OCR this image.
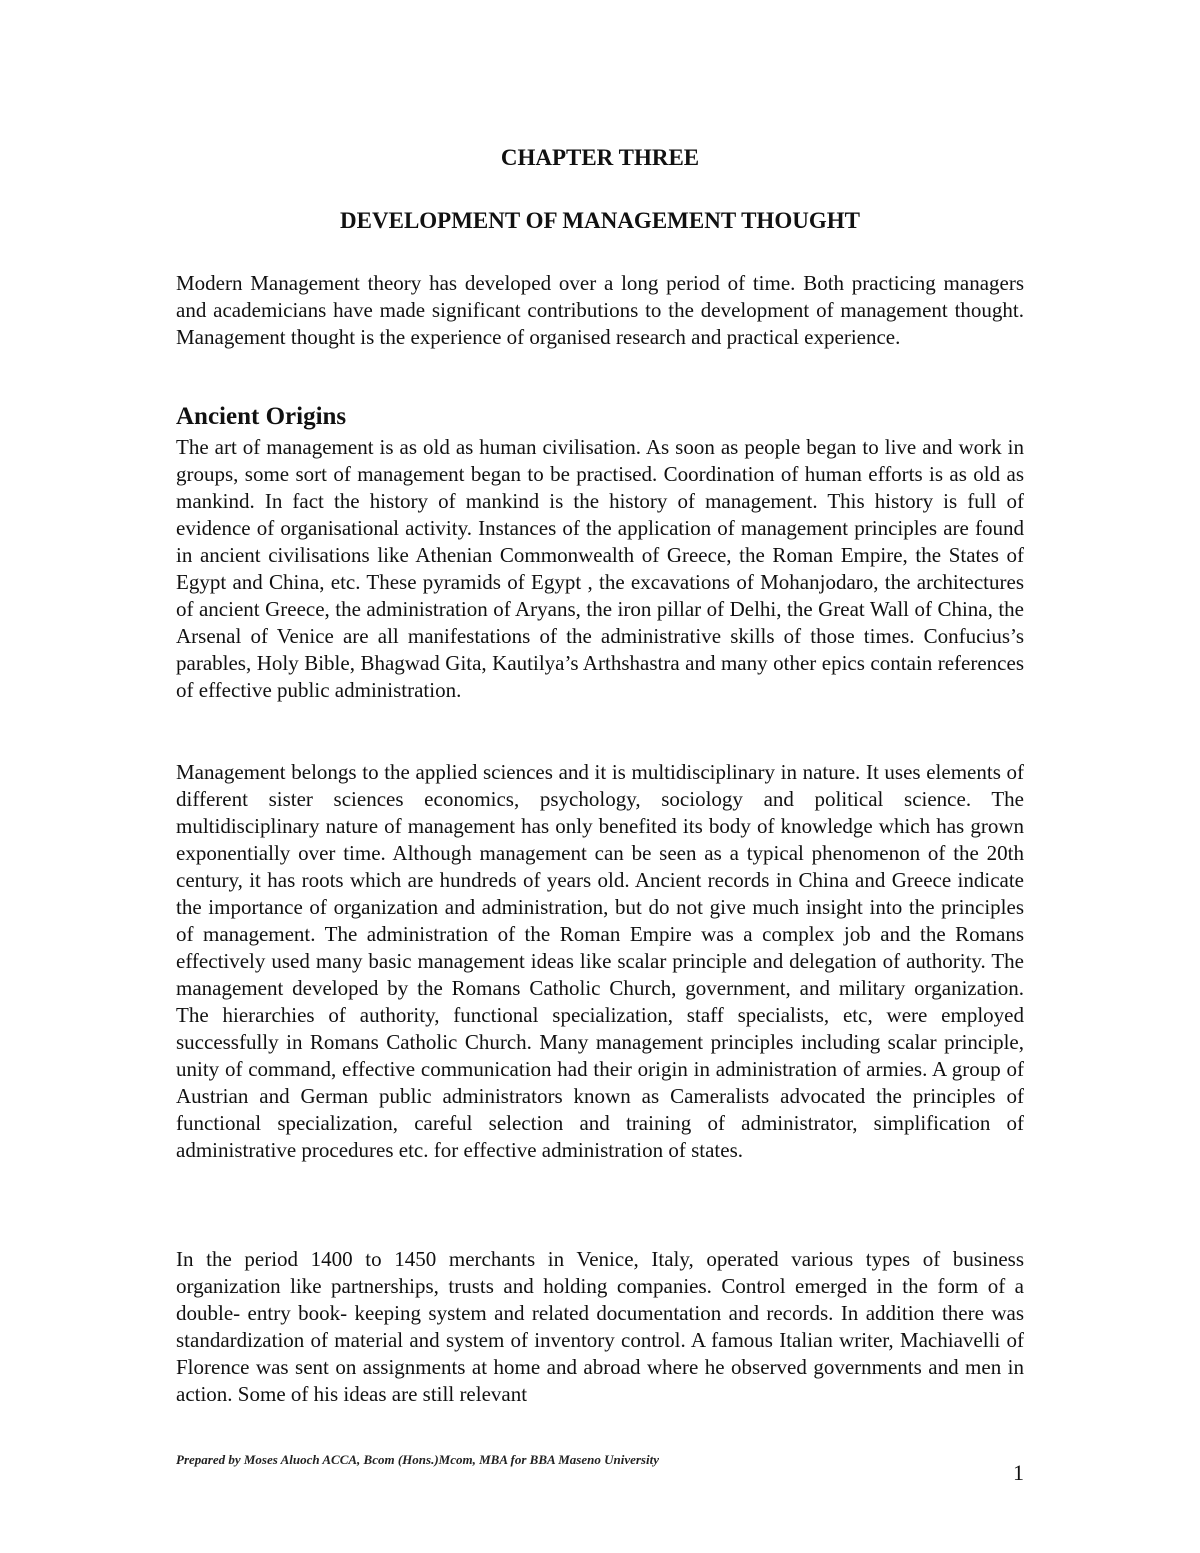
CHAPTER THREE
DEVELOPMENT OF MANAGEMENT THOUGHT

Modern Management theory has developed over a long period of time. Both practicing managers and academicians have made significant contributions to the development of management thought. Management thought is the experience of organised research and practical experience.

Ancient Origins

The art of management is as old as human civilisation. As soon as people began to live and work in groups, some sort of management began to be practised. Coordination of human efforts is as old as mankind. In fact the history of mankind is the history of management. This history is full of evidence of organisational activity. Instances of the application of management principles are found in ancient civilisations like Athenian Commonwealth of Greece, the Roman Empire, the States of Egypt and China, etc. These pyramids of Egypt , the excavations of Mohanjodaro, the architectures of ancient Greece, the administration of Aryans, the iron pillar of Delhi, the Great Wall of China, the Arsenal of Venice are all manifestations of the administrative skills of those times. Confucius’s parables, Holy Bible, Bhagwad Gita, Kautilya’s Arthshastra and many other epics contain references of effective public administration.

Management belongs to the applied sciences and it is multidisciplinary in nature. It uses elements of different sister sciences economics, psychology, sociology and political science. The multidisciplinary nature of management has only benefited its body of knowledge which has grown exponentially over time. Although management can be seen as a typical phenomenon of the 20th century, it has roots which are hundreds of years old. Ancient records in China and Greece indicate the importance of organization and administration, but do not give much insight into the principles of management. The administration of the Roman Empire was a complex job and the Romans effectively used many basic management ideas like scalar principle and delegation of authority. The management developed by the Romans Catholic Church, government, and military organization. The hierarchies of authority, functional specialization, staff specialists, etc, were employed successfully in Romans Catholic Church. Many management principles including scalar principle, unity of command, effective communication had their origin in administration of armies. A group of Austrian and German public administrators known as Cameralists advocated the principles of functional specialization, careful selection and training of administrator, simplification of administrative procedures etc. for effective administration of states.

In the period 1400 to 1450 merchants in Venice, Italy, operated various types of business organization like partnerships, trusts and holding companies. Control emerged in the form of a double- entry book- keeping system and related documentation and records. In addition there was standardization of material and system of inventory control. A famous Italian writer, Machiavelli of Florence was sent on assignments at home and abroad where he observed governments and men in action. Some of his ideas are still relevant

Prepared by Moses Aluoch ACCA, Bcom (Hons.)Mcom, MBA for BBA Maseno University
1
